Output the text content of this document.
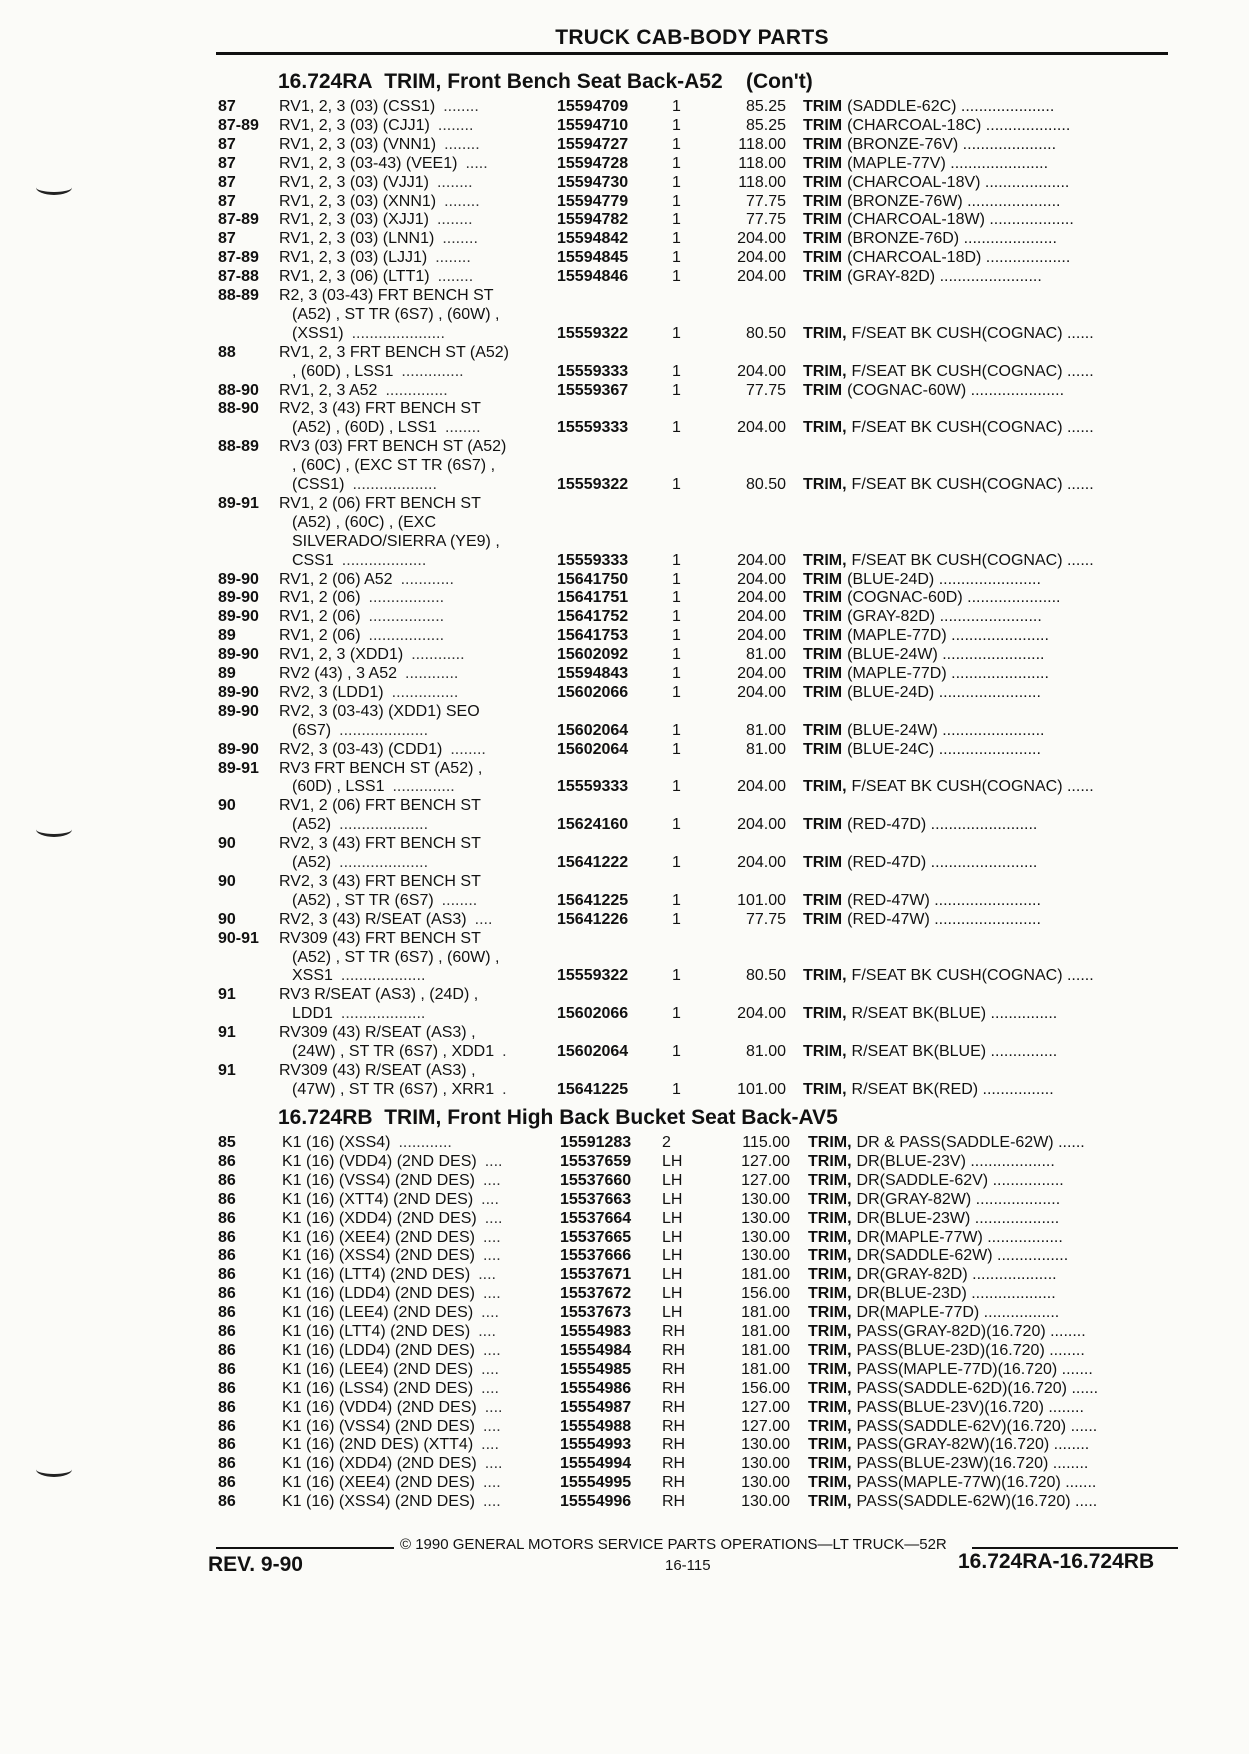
TRUCK CAB-BODY PARTS
16.724RA TRIM, Front Bench Seat Back-A52 (Con't)
87	RV1, 2, 3 (03) (CSS1) ........	15594709	1	85.25 TRIM (SADDLE-62C) .....................
87-89 RV1, 2, 3 (03) (CJJ1) ........	15594710	1	85.25 TRIM (CHARCOAL-18C) ...................
87	RV1, 2, 3 (03) (VNN1) ........	15594727	1	118.00 TRIM (BRONZE-76V) .....................
87	RV1, 2, 3 (03-43) (VEE1) .....	15594728	1	118.00 TRIM (MAPLE-77V) ......................
87	RV1, 2, 3 (03) (VJJ1) ........	15594730	1	118.00 TRIM (CHARCOAL-18V) ...................
87	RV1, 2, 3 (03) (XNN1) ........	15594779	1	77.75 TRIM (BRONZE-76W) .....................
87-89 RV1, 2, 3 (03) (XJJ1) ........	15594782	1	77.75 TRIM (CHARCOAL-18W) ...................
87	RV1, 2, 3 (03) (LNN1) ........	15594842	1	204.00 TRIM (BRONZE-76D) .....................
87-89 RV1, 2, 3 (03) (LJJ1) ........	15594845	1	204.00 TRIM (CHARCOAL-18D) ...................
87-88 RV1, 2, 3 (06) (LTT1) ........	15594846	1	204.00 TRIM (GRAY-82D) .......................
88-89 R2, 3 (03-43) FRT BENCH ST
(A52) , ST TR (6S7) , (60W) ,
(XSS1) .....................	15559322	1	80.50 TRIM, F/SEAT BK CUSH(COGNAC) ......
88	RV1, 2, 3 FRT BENCH ST (A52)
, (60D) , LSS1 ..............	15559333	1	204.00 TRIM, F/SEAT BK CUSH(COGNAC) ......
88-90 RV1, 2, 3 A52 ..............	15559367	1	77.75 TRIM (COGNAC-60W) .....................
88-90 RV2, 3 (43) FRT BENCH ST
(A52) , (60D) , LSS1 ........	15559333	1	204.00 TRIM, F/SEAT BK CUSH(COGNAC) ......
88-89 RV3 (03) FRT BENCH ST (A52)
, (60C) , (EXC ST TR (6S7) ,
(CSS1) ...................	15559322	1	80.50 TRIM, F/SEAT BK CUSH(COGNAC) ......
89-91 RV1, 2 (06) FRT BENCH ST
(A52) , (60C) , (EXC
SILVERADO/SIERRA (YE9) ,
CSS1 ...................	15559333	1	204.00 TRIM, F/SEAT BK CUSH(COGNAC) ......
89-90 RV1, 2 (06) A52 ............	15641750	1	204.00 TRIM (BLUE-24D) .......................
89-90 RV1, 2 (06) .................	15641751	1	204.00 TRIM (COGNAC-60D) .....................
89-90 RV1, 2 (06) .................	15641752	1	204.00 TRIM (GRAY-82D) .......................
89	RV1, 2 (06) .................	15641753	1	204.00 TRIM (MAPLE-77D) ......................
89-90 RV1, 2, 3 (XDD1) ............	15602092	1	81.00 TRIM (BLUE-24W) .......................
89	RV2 (43) , 3 A52 ............	15594843	1	204.00 TRIM (MAPLE-77D) ......................
89-90 RV2, 3 (LDD1) ...............	15602066	1	204.00 TRIM (BLUE-24D) .......................
89-90 RV2, 3 (03-43) (XDD1) SEO
(6S7) ....................	15602064	1	81.00 TRIM (BLUE-24W) .......................
89-90 RV2, 3 (03-43) (CDD1) ........	15602064	1	81.00 TRIM (BLUE-24C) .......................
89-91 RV3 FRT BENCH ST (A52) ,
(60D) , LSS1 ..............	15559333	1	204.00 TRIM, F/SEAT BK CUSH(COGNAC) ......
90	RV1, 2 (06) FRT BENCH ST
(A52) ....................	15624160	1	204.00 TRIM (RED-47D) ........................
90	RV2, 3 (43) FRT BENCH ST
(A52) ....................	15641222	1	204.00 TRIM (RED-47D) ........................
90	RV2, 3 (43) FRT BENCH ST
(A52) , ST TR (6S7) ........	15641225	1	101.00 TRIM (RED-47W) ........................
90	RV2, 3 (43) R/SEAT (AS3) ....	15641226	1	77.75 TRIM (RED-47W) ........................
90-91 RV309 (43) FRT BENCH ST
(A52) , ST TR (6S7) , (60W) ,
XSS1 ...................	15559322	1	80.50 TRIM, F/SEAT BK CUSH(COGNAC) ......
91	RV3 R/SEAT (AS3) , (24D) ,
LDD1 ...................	15602066	1	204.00 TRIM, R/SEAT BK(BLUE) ...............
91	RV309 (43) R/SEAT (AS3) ,
(24W) , ST TR (6S7) , XDD1 .	15602064	1	81.00 TRIM, R/SEAT BK(BLUE) ...............
91	RV309 (43) R/SEAT (AS3) ,
(47W) , ST TR (6S7) , XRR1 .	15641225	1	101.00 TRIM, R/SEAT BK(RED) ................
16.724RB TRIM, Front High Back Bucket Seat Back-AV5
85	K1 (16) (XSS4) ............	15591283 2	115.00 TRIM, DR & PASS(SADDLE-62W) ......
86	K1 (16) (VDD4) (2ND DES) ....	15537659 LH	127.00 TRIM, DR(BLUE-23V) ...................
86	K1 (16) (VSS4) (2ND DES) ....	15537660 LH	127.00 TRIM, DR(SADDLE-62V) ................
86	K1 (16) (XTT4) (2ND DES) ....	15537663 LH	130.00 TRIM, DR(GRAY-82W) ...................
86	K1 (16) (XDD4) (2ND DES) ....	15537664 LH	130.00 TRIM, DR(BLUE-23W) ...................
86	K1 (16) (XEE4) (2ND DES) ....	15537665 LH	130.00 TRIM, DR(MAPLE-77W) .................
86	K1 (16) (XSS4) (2ND DES) ....	15537666 LH	130.00 TRIM, DR(SADDLE-62W) ................
86	K1 (16) (LTT4) (2ND DES) ....	15537671 LH	181.00 TRIM, DR(GRAY-82D) ...................
86	K1 (16) (LDD4) (2ND DES) ....	15537672 LH	156.00 TRIM, DR(BLUE-23D) ...................
86	K1 (16) (LEE4) (2ND DES) ....	15537673 LH	181.00 TRIM, DR(MAPLE-77D) .................
86	K1 (16) (LTT4) (2ND DES) ....	15554983 RH	181.00 TRIM, PASS(GRAY-82D)(16.720) ........
86	K1 (16) (LDD4) (2ND DES) ....	15554984 RH	181.00 TRIM, PASS(BLUE-23D)(16.720) ........
86	K1 (16) (LEE4) (2ND DES) ....	15554985 RH	181.00 TRIM, PASS(MAPLE-77D)(16.720) .......
86	K1 (16) (LSS4) (2ND DES) ....	15554986 RH	156.00 TRIM, PASS(SADDLE-62D)(16.720) ......
86	K1 (16) (VDD4) (2ND DES) ....	15554987 RH	127.00 TRIM, PASS(BLUE-23V)(16.720) ........
86	K1 (16) (VSS4) (2ND DES) ....	15554988 RH	127.00 TRIM, PASS(SADDLE-62V)(16.720) ......
86	K1 (16) (2ND DES) (XTT4) ....	15554993 RH	130.00 TRIM, PASS(GRAY-82W)(16.720) ........
86	K1 (16) (XDD4) (2ND DES) ....	15554994 RH	130.00 TRIM, PASS(BLUE-23W)(16.720) ........
86	K1 (16) (XEE4) (2ND DES) ....	15554995 RH	130.00 TRIM, PASS(MAPLE-77W)(16.720) .......
86	K1 (16) (XSS4) (2ND DES) ....	15554996 RH	130.00 TRIM, PASS(SADDLE-62W)(16.720) .....
© 1990 GENERAL MOTORS SERVICE PARTS OPERATIONS—LT TRUCK—52R
REV. 9-90	16-115	16.724RA-16.724RB
